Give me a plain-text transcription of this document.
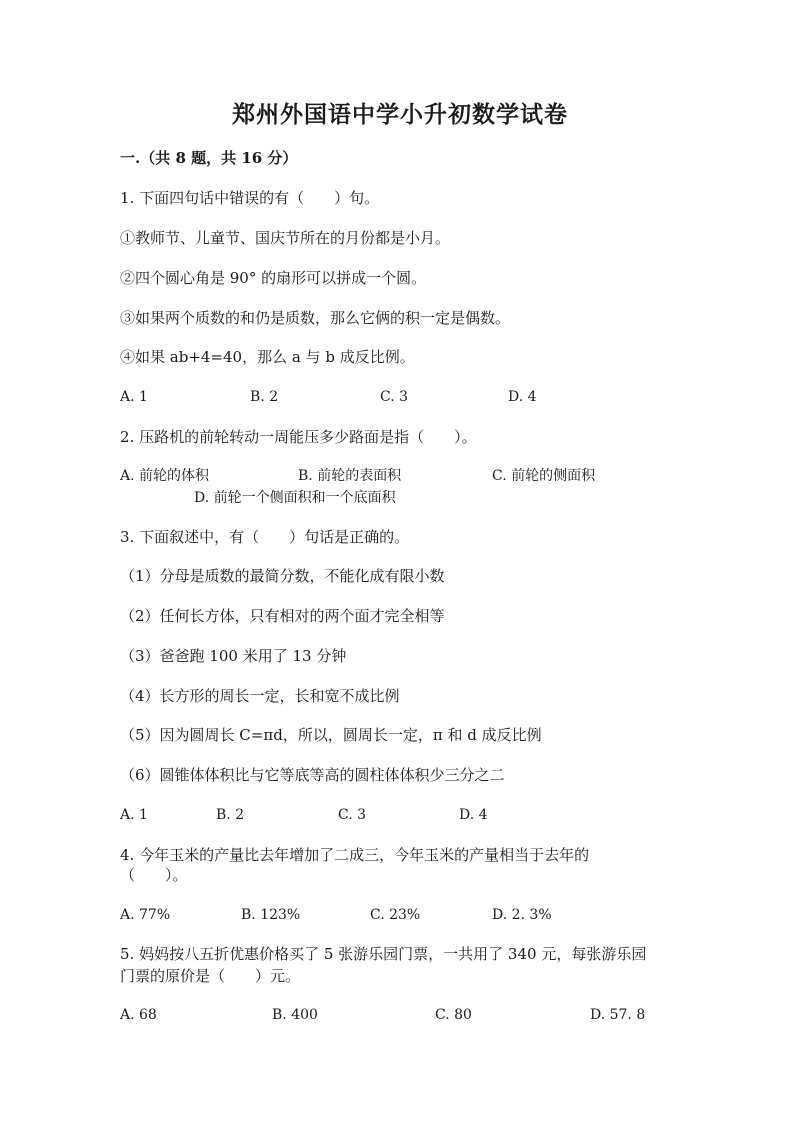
郑州外国语中学小升初数学试卷
一.（共 8 题，共 16 分）
1. 下面四句话中错误的有（　　）句。
①教师节、儿童节、国庆节所在的月份都是小月。
②四个圆心角是 90° 的扇形可以拼成一个圆。
③如果两个质数的和仍是质数，那么它俩的积一定是偶数。
④如果 ab+4=40，那么 a 与 b 成反比例。
A. 1	B. 2	C. 3	D. 4
2. 压路机的前轮转动一周能压多少路面是指（　　）。
A. 前轮的体积	B. 前轮的表面积	C. 前轮的侧面积
D. 前轮一个侧面积和一个底面积
3. 下面叙述中，有（　　）句话是正确的。
（1）分母是质数的最简分数，不能化成有限小数
（2）任何长方体，只有相对的两个面才完全相等
（3）爸爸跑 100 米用了 13 分钟
（4）长方形的周长一定，长和宽不成比例
（5）因为圆周长 C=πd，所以，圆周长一定，π 和 d 成反比例
（6）圆锥体体积比与它等底等高的圆柱体体积少三分之二
A. 1	B. 2	C. 3	D. 4
4. 今年玉米的产量比去年增加了二成三，今年玉米的产量相当于去年的
（　　）。
A. 77%	B. 123%	C. 23%	D. 2. 3%
5. 妈妈按八五折优惠价格买了 5 张游乐园门票，一共用了 340 元，每张游乐园
门票的原价是（　　）元。
A. 68	B. 400	C. 80	D. 57. 8
